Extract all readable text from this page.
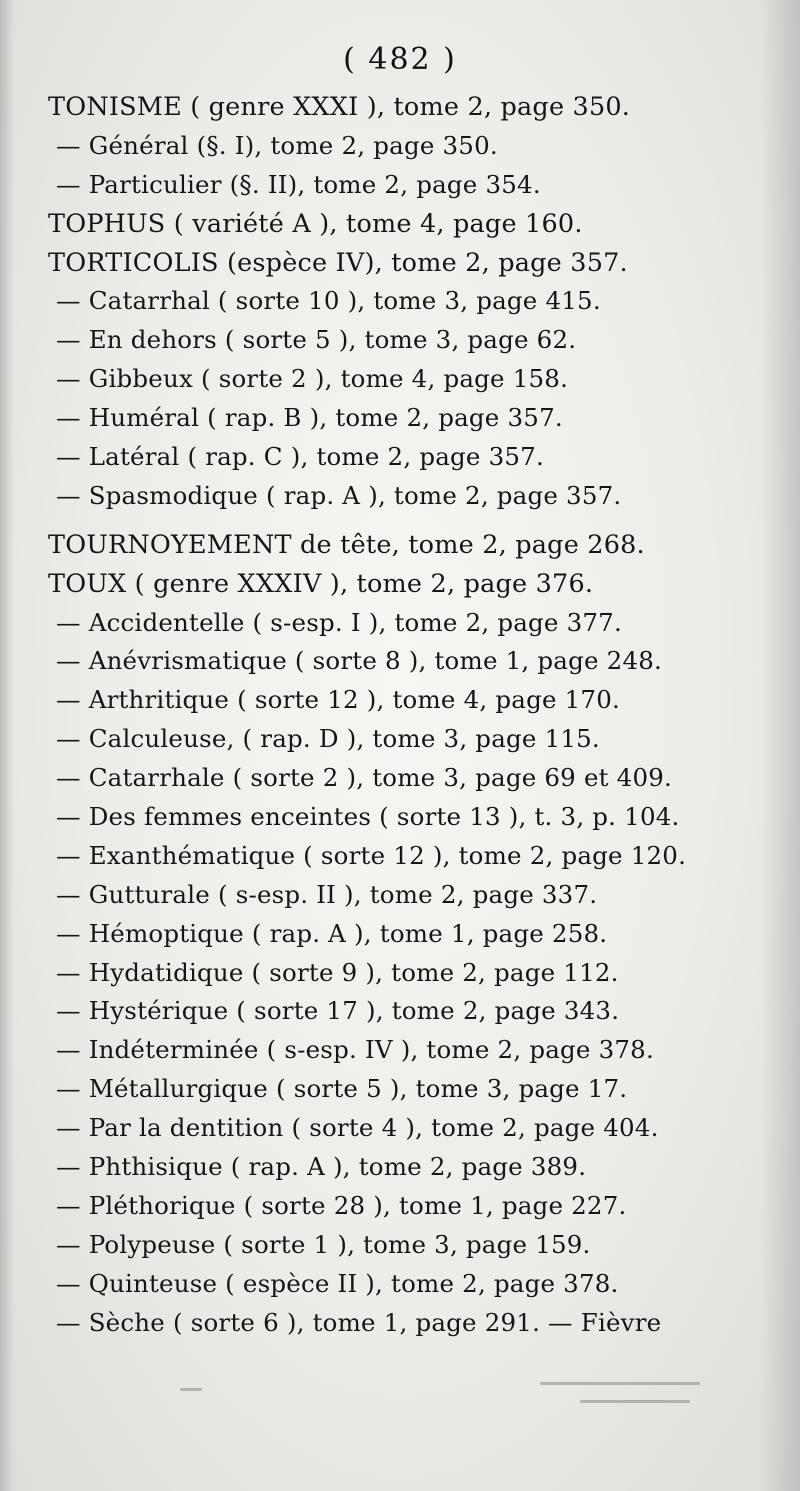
( 482 )
TONISME ( genre XXXI ), tome 2, page 350.
— Général (§. I), tome 2, page 350.
— Particulier (§. II), tome 2, page 354.
TOPHUS ( variété A ), tome 4, page 160.
TORTICOLIS (espèce IV), tome 2, page 357.
— Catarrhal ( sorte 10 ), tome 3, page 415.
— En dehors ( sorte 5 ), tome 3, page 62.
— Gibbeux ( sorte 2 ), tome 4, page 158.
— Huméral ( rap. B ), tome 2, page 357.
— Latéral ( rap. C ), tome 2, page 357.
— Spasmodique ( rap. A ), tome 2, page 357.
TOURNOYEMENT de tête, tome 2, page 268.
TOUX ( genre XXXIV ), tome 2, page 376.
— Accidentelle ( s-esp. I ), tome 2, page 377.
— Anévrismatique ( sorte 8 ), tome 1, page 248.
— Arthritique ( sorte 12 ), tome 4, page 170.
— Calculeuse, ( rap. D ), tome 3, page 115.
— Catarrhale ( sorte 2 ), tome 3, page 69 et 409.
— Des femmes enceintes ( sorte 13 ), t. 3, p. 104.
— Exanthématique ( sorte 12 ), tome 2, page 120.
— Gutturale ( s-esp. II ), tome 2, page 337.
— Hémoptique ( rap. A ), tome 1, page 258.
— Hydatidique ( sorte 9 ), tome 2, page 112.
— Hystérique ( sorte 17 ), tome 2, page 343.
— Indéterminée ( s-esp. IV ), tome 2, page 378.
— Métallurgique ( sorte 5 ), tome 3, page 17.
— Par la dentition ( sorte 4 ), tome 2, page 404.
— Phthisique ( rap. A ), tome 2, page 389.
— Pléthorique ( sorte 28 ), tome 1, page 227.
— Polypeuse ( sorte 1 ), tome 3, page 159.
— Quinteuse ( espèce II ), tome 2, page 378.
— Sèche ( sorte 6 ), tome 1, page 291. — Fièvre
